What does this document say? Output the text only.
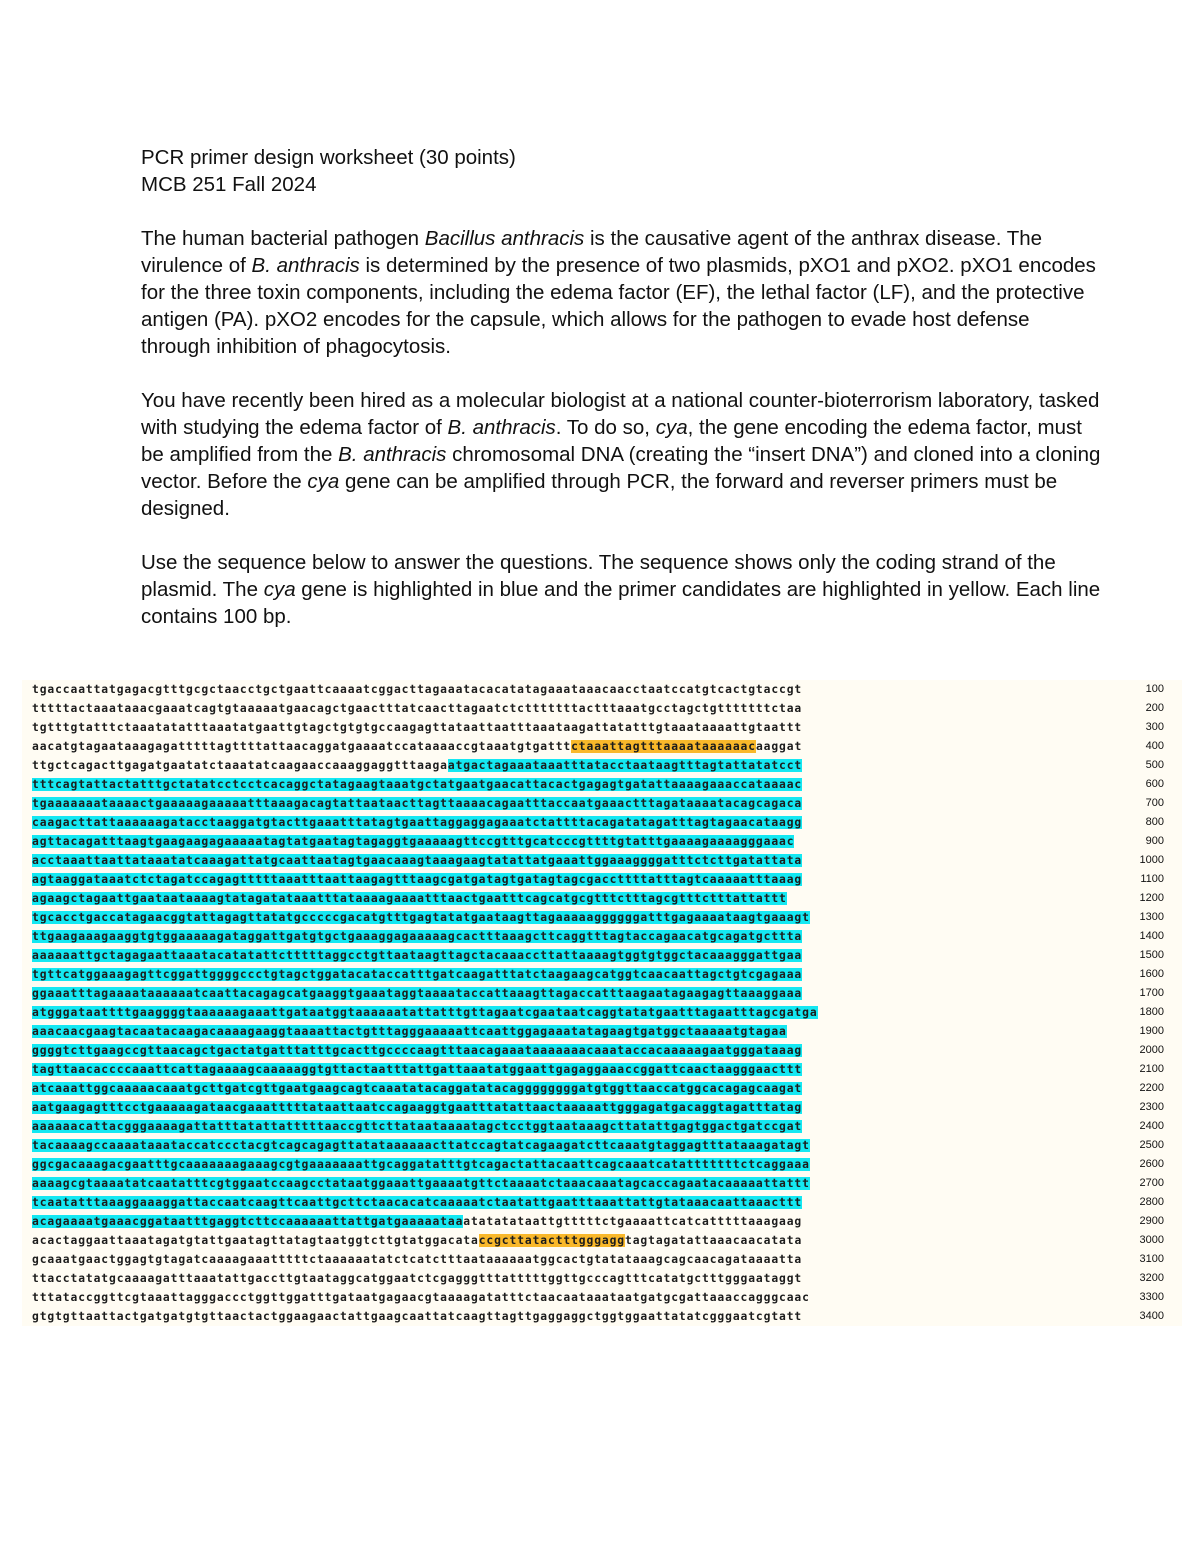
PCR primer design worksheet (30 points)
MCB 251 Fall 2024

The human bacterial pathogen Bacillus anthracis is the causative agent of the anthrax disease. The virulence of B. anthracis is determined by the presence of two plasmids, pXO1 and pXO2. pXO1 encodes for the three toxin components, including the edema factor (EF), the lethal factor (LF), and the protective antigen (PA). pXO2 encodes for the capsule, which allows for the pathogen to evade host defense through inhibition of phagocytosis.

You have recently been hired as a molecular biologist at a national counter-bioterrorism laboratory, tasked with studying the edema factor of B. anthracis. To do so, cya, the gene encoding the edema factor, must be amplified from the B. anthracis chromosomal DNA (creating the “insert DNA”) and cloned into a cloning vector. Before the cya gene can be amplified through PCR, the forward and reverser primers must be designed.

Use the sequence below to answer the questions. The sequence shows only the coding strand of the plasmid. The cya gene is highlighted in blue and the primer candidates are highlighted in yellow. Each line contains 100 bp.

tgaccaattatgagacgtttgcgctaacctgctgaattcaaaatcggacttagaaatacacatatagaaataaacaacctaatccatgtcactgtaccgt	100
tttttactaaataaacgaaatcagtgtaaaaatgaacagctgaactttatcaacttagaatctctttttttactttaaatgcctagctgtttttttctaa	200
tgtttgtatttctaaatatatttaaatatgaattgtagctgtgtgccaagagttataattaatttaaataagattatatttgtaaataaaattgtaattt	300
aacatgtagaataaagagatttttagttttattaacaggatgaaaatccataaaaccgtaaatgtgatttctaaattagtttaaaataaaaaacaaggat	400
ttgctcagacttgagatgaatatctaaatatcaagaaccaaaggaggtttaagaatgactagaaataaatttatacctaataagtttagtattatatcct	500
tttcagtattactatttgctatatcctcctcacaggctatagaagtaaatgctatgaatgaacattacactgagagtgatattaaaagaaaccataaaac	600
tgaaaaaaataaaactgaaaaagaaaaatttaaagacagtattaataacttagttaaaacagaatttaccaatgaaactttagataaaatacagcagaca	700
caagacttattaaaaaagatacctaaggatgtacttgaaatttatagtgaattaggaggagaaatctattttacagatatagatttagtagaacataagg	800
agttacagatttaagtgaagaagagaaaaatagtatgaatagtagaggtgaaaaagttccgtttgcatcccgttttgtatttgaaaagaaaagggaaac	900
acctaaattaattataaatatcaaagattatgcaattaatagtgaacaaagtaaagaagtatattatgaaattggaaaggggatttctcttgatattata	1000
agtaaggataaatctctagatccagagtttttaaatttaattaagagtttaagcgatgatagtgatagtagcgaccttttatttagtcaaaaatttaaag	1100
agaagctagaattgaataataaaagtatagatataaatttataaaagaaaatttaactgaatttcagcatgcgtttctttagcgtttctttattattt	1200
tgcacctgaccatagaacggtattagagttatatgcccccgacatgtttgagtatatgaataagttagaaaaaggggggatttgagaaaataagtgaaagt	1300
ttgaagaaagaaggtgtggaaaaagataggattgatgtgctgaaaggagaaaaagcactttaaagcttcaggtttagtaccagaacatgcagatgcttta	1400
aaaaaattgctagagaattaaatacatatattctttttaggcctgttaataagttagctacaaaccttattaaaagtggtgtggctacaaagggattgaa	1500
tgttcatggaaagagttcggattggggccctgtagctggatacataccatttgatcaagatttatctaagaagcatggtcaacaattagctgtcgagaaa	1600
ggaaatttagaaaataaaaaatcaattacagagcatgaaggtgaaataggtaaaataccattaaagttagaccatttaagaatagaagagttaaaggaaa	1700
atgggataattttgaaggggtaaaaaagaaattgataatggtaaaaaatattatttgttagaatcgaataatcaggtatatgaatttagaatttagcgatga	1800
aaacaacgaagtacaatacaagacaaaagaaggtaaaattactgtttagggaaaaattcaattggagaaatatagaagtgatggctaaaaatgtagaa	1900
ggggtcttgaagccgttaacagctgactatgatttatttgcacttgccccaagtttaacagaaataaaaaaacaaataccacaaaaagaatgggataaag	2000
tagttaacaccccaaattcattagaaaagcaaaaaggtgttactaatttattgattaaatatggaattgagaggaaaccggattcaactaagggaacttt	2100
atcaaattggcaaaaacaaatgcttgatcgttgaatgaagcagtcaaatatacaggatatacaggggggggatgtggttaaccatggcacagagcaagat	2200
aatgaagagtttcctgaaaaagataacgaaatttttataattaatccagaaggtgaatttatattaactaaaaattgggagatgacaggtagatttatag	2300
aaaaaacattacgggaaaagattatttatattatttttaaccgttcttataataaaatagctcctggtaataaagcttatattgagtggactgatccgat	2400
tacaaaagccaaaataaataccatccctacgtcagcagagttatataaaaaacttatccagtatcagaagatcttcaaatgtaggagtttataaagatagt	2500
ggcgacaaagacgaatttgcaaaaaaagaaagcgtgaaaaaaattgcaggatatttgtcagactattacaattcagcaaatcatatttttttctcaggaaa	2600
aaaagcgtaaaatatcaatatttcgtggaatccaagcctataatggaaattgaaaatgttctaaaatctaaacaaatagcaccagaatacaaaaattattt	2700
tcaatatttaaaggaaaggattaccaatcaagttcaattgcttctaacacatcaaaaatctaatattgaatttaaattattgtataaacaattaaacttt	2800
acagaaaatgaaacggataatttgaggtcttccaaaaaattattgatgaaaaataaatatatataattgtttttctgaaaattcatcatttttaaagaag	2900
acactaggaattaaatagatgtattgaatagttatagtaatggtcttgtatggacataccgcttatactttgggaggtagtagatattaaacaacatata	3000
gcaaatgaactggagtgtagatcaaaagaaatttttctaaaaaatatctcatctttaataaaaaatggcactgtatataaagcagcaacagataaaatta	3100
ttacctatatgcaaaagatttaaatattgaccttgtaataggcatggaatctcgagggtttatttttggttgcccagtttcatatgctttgggaataggt	3200
tttataccggttcgtaaattagggaccctggttggatttgataatgagaacgtaaaagatatttctaacaataaataatgatgcgattaaaccagggcaac	3300
gtgtgttaattactgatgatgtgttaactactggaagaactattgaagcaattatcaagttagttgaggaggctggtggaattatatcgggaatcgtatt	3400
